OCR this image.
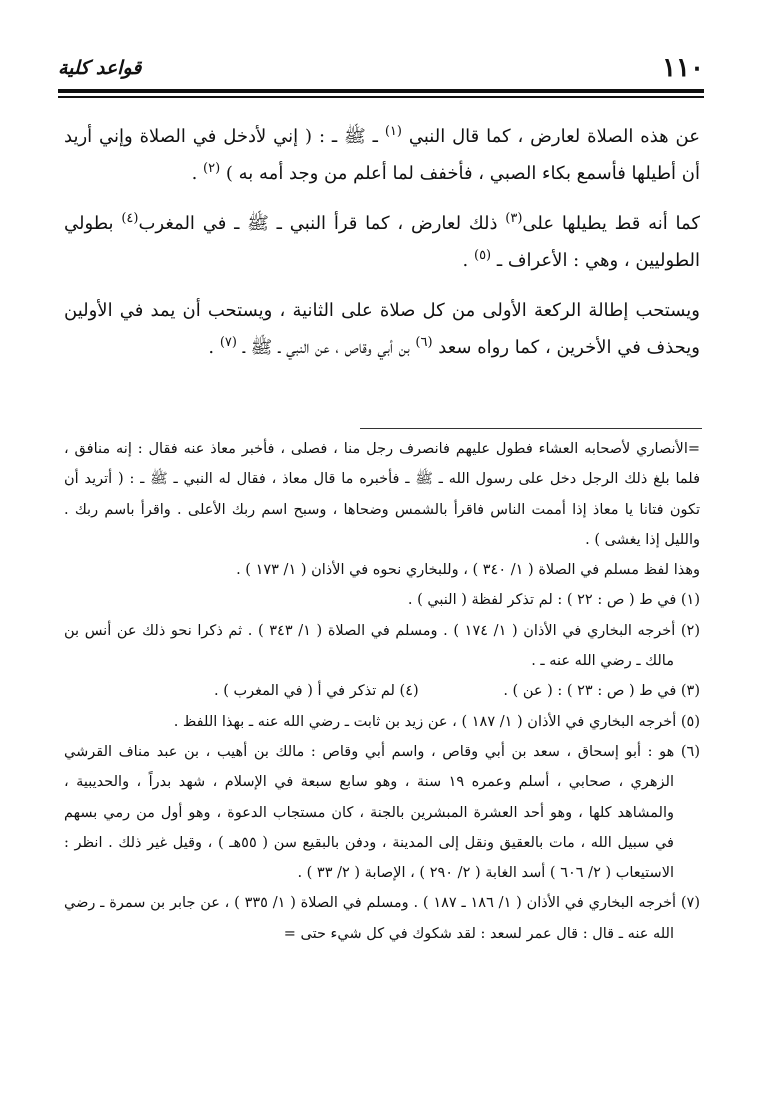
١١٠
قواعد كلية

عن هذه الصلاة لعارض ، كما قال النبي $^{(١)}$ ـ ﷺ ـ : ( إني لأدخل في الصلاة وإني أريد أن أطيلها فأسمع بكاء الصبي ، فأخفف لما أعلم من وجد أمه به ) $^{(٢)}$ .

كما أنه قط يطيلها على$^{(٣)}$ ذلك لعارض ، كما قرأ النبي ـ ﷺ ـ في المغرب$^{(٤)}$ بطولي الطوليين ، وهي : الأعراف ـ $^{(٥)}$ .

ويستحب إطالة الركعة الأولى من كل صلاة على الثانية ، ويستحب أن يمد في الأولين ويحذف في الأخرين ، كما رواه سعد $^{(٦)}$ بن أبي وقاص ، عن النبي ـ ﷺ ـ $^{(٧)}$ .

=الأنصاري لأصحابه العشاء فطول عليهم فانصرف رجل منا ، فصلى ، فأخبر معاذ عنه فقال : إنه منافق ، فلما بلغ ذلك الرجل دخل على رسول الله ـ ﷺ ـ فأخبره ما قال معاذ ، فقال له النبي ـ ﷺ ـ : ( أتريد أن تكون فتانا يا معاذ إذا أممت الناس فاقرأ بالشمس وضحاها ، وسبح اسم ربك الأعلى . واقرأ باسم ربك . والليل إذا يغشى ) .

وهذا لفظ مسلم في الصلاة ( ١/ ٣٤٠ ) ، وللبخاري نحوه في الأذان ( ١/ ١٧٣ ) .

(١) في ط ( ص : ٢٢ ) : لم تذكر لفظة ( النبي ) .

(٢) أخرجه البخاري في الأذان ( ١/ ١٧٤ ) . ومسلم في الصلاة ( ١/ ٣٤٣ ) . ثم ذكرا نحو ذلك عن أنس بن مالك ـ رضي الله عنه ـ .

(٣) في ط ( ص : ٢٣ ) : ( عن ) .
(٤) لم تذكر في أ ( في المغرب ) .

(٥) أخرجه البخاري في الأذان ( ١/ ١٨٧ ) ، عن زيد بن ثابت ـ رضي الله عنه ـ بهذا اللفظ .

(٦) هو : أبو إسحاق ، سعد بن أبي وقاص ، واسم أبي وقاص : مالك بن أهيب ، بن عبد مناف القرشي الزهري ، صحابي ، أسلم وعمره ١٩ سنة ، وهو سابع سبعة في الإسلام ، شهد بدراً ، والحديبية ، والمشاهد كلها ، وهو أحد العشرة المبشرين بالجنة ، كان مستجاب الدعوة ، وهو أول من رمي بسهم في سبيل الله ، مات بالعقيق ونقل إلى المدينة ، ودفن بالبقيع سن ( ٥٥هـ ) ، وقيل غير ذلك . انظر : الاستيعاب ( ٢/ ٦٠٦ ) أسد الغابة ( ٢/ ٢٩٠ ) ، الإصابة ( ٢/ ٣٣ ) .

(٧) أخرجه البخاري في الأذان ( ١/ ١٨٦ ـ ١٨٧ ) . ومسلم في الصلاة ( ١/ ٣٣٥ ) ، عن جابر بن سمرة ـ رضي الله عنه ـ قال : قال عمر لسعد : لقد شكوك في كل شيء حتى =
